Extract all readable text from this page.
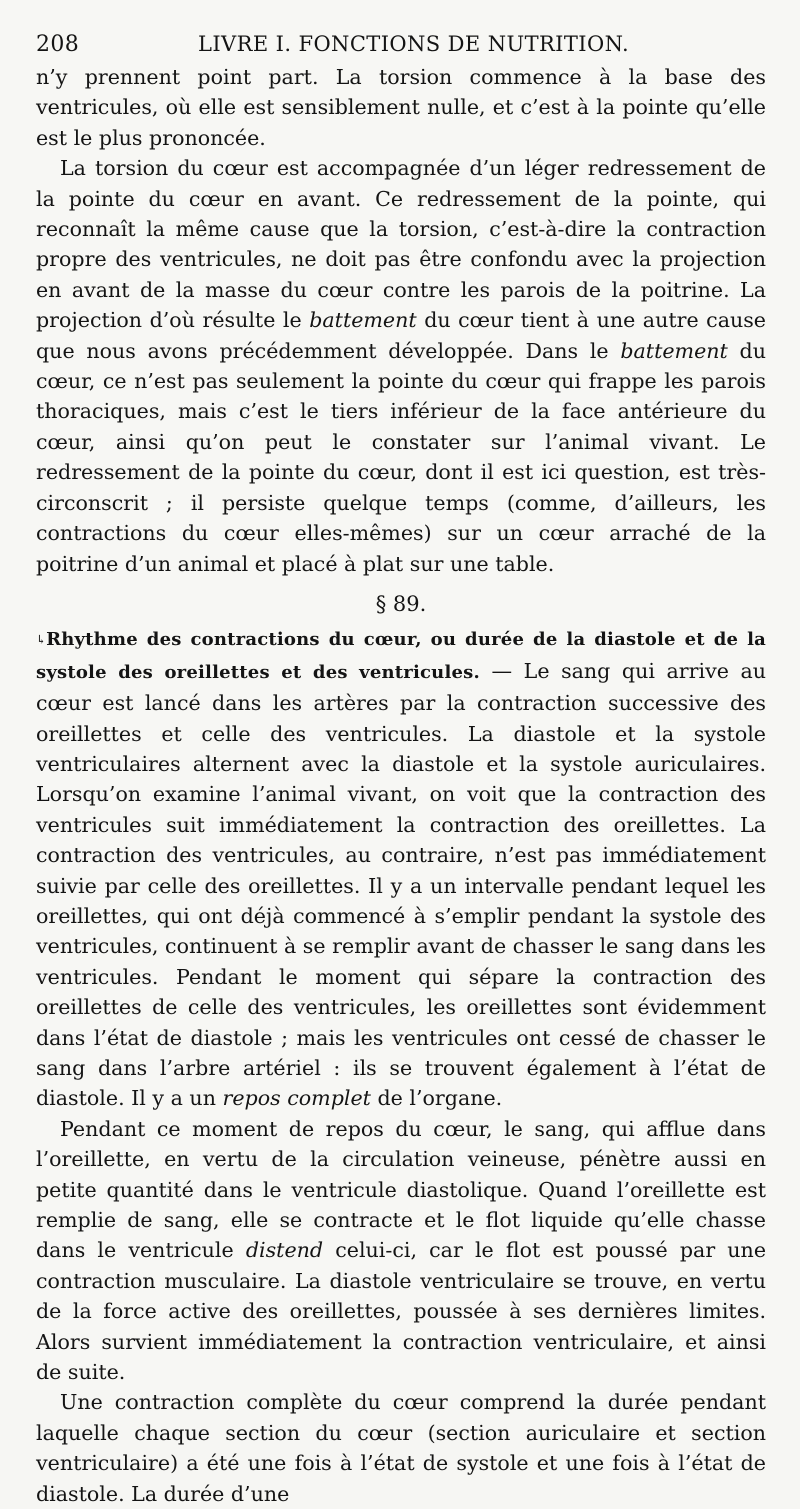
208	LIVRE I. FONCTIONS DE NUTRITION.

n’y prennent point part. La torsion commence à la base des ventricules, où elle est sensiblement nulle, et c’est à la pointe qu’elle est le plus prononcée.

La torsion du cœur est accompagnée d’un léger redressement de la pointe du cœur en avant. Ce redressement de la pointe, qui reconnaît la même cause que la torsion, c’est-à-dire la contraction propre des ventricules, ne doit pas être confondu avec la projection en avant de la masse du cœur contre les parois de la poitrine. La projection d’où résulte le battement du cœur tient à une autre cause que nous avons précédemment développée. Dans le battement du cœur, ce n’est pas seulement la pointe du cœur qui frappe les parois thoraciques, mais c’est le tiers inférieur de la face antérieure du cœur, ainsi qu’on peut le constater sur l’animal vivant. Le redressement de la pointe du cœur, dont il est ici question, est très-circonscrit ; il persiste quelque temps (comme, d’ailleurs, les contractions du cœur elles-mêmes) sur un cœur arraché de la poitrine d’un animal et placé à plat sur une table.

§ 89.

↳Rhythme des contractions du cœur, ou durée de la diastole et de la systole des oreillettes et des ventricules. — Le sang qui arrive au cœur est lancé dans les artères par la contraction successive des oreillettes et celle des ventricules. La diastole et la systole ventriculaires alternent avec la diastole et la systole auriculaires. Lorsqu’on examine l’animal vivant, on voit que la contraction des ventricules suit immédiatement la contraction des oreillettes. La contraction des ventricules, au contraire, n’est pas immédiatement suivie par celle des oreillettes. Il y a un intervalle pendant lequel les oreillettes, qui ont déjà commencé à s’emplir pendant la systole des ventricules, continuent à se remplir avant de chasser le sang dans les ventricules. Pendant le moment qui sépare la contraction des oreillettes de celle des ventricules, les oreillettes sont évidemment dans l’état de diastole ; mais les ventricules ont cessé de chasser le sang dans l’arbre artériel : ils se trouvent également à l’état de diastole. Il y a un repos complet de l’organe.

Pendant ce moment de repos du cœur, le sang, qui afflue dans l’oreillette, en vertu de la circulation veineuse, pénètre aussi en petite quantité dans le ventricule diastolique. Quand l’oreillette est remplie de sang, elle se contracte et le flot liquide qu’elle chasse dans le ventricule distend celui-ci, car le flot est poussé par une contraction musculaire. La diastole ventriculaire se trouve, en vertu de la force active des oreillettes, poussée à ses dernières limites. Alors survient immédiatement la contraction ventriculaire, et ainsi de suite.

Une contraction complète du cœur comprend la durée pendant laquelle chaque section du cœur (section auriculaire et section ventriculaire) a été une fois à l’état de systole et une fois à l’état de diastole. La durée d’une
